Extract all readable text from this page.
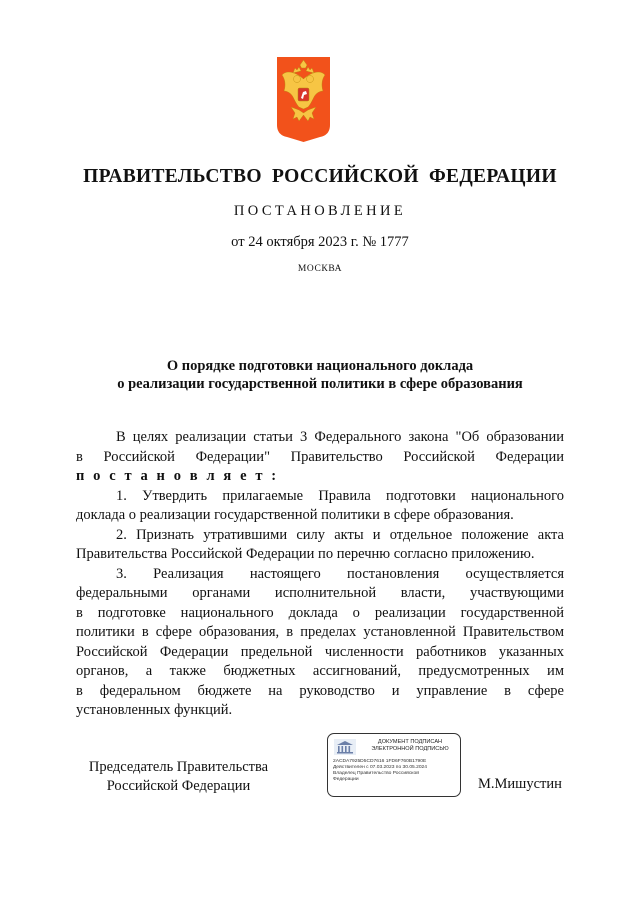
ПРАВИТЕЛЬСТВО РОССИЙСКОЙ ФЕДЕРАЦИИ
ПОСТАНОВЛЕНИЕ
от 24 октября 2023 г. № 1777
МОСКВА
О порядке подготовки национального доклада
о реализации государственной политики в сфере образования

В целях реализации статьи 3 Федерального закона "Об образовании
в Российской Федерации" Правительство Российской Федерации
п о с т а н о в л я е т :

1. Утвердить прилагаемые Правила подготовки национального
доклада о реализации государственной политики в сфере образования.

2. Признать утратившими силу акты и отдельное положение акта
Правительства Российской Федерации по перечню согласно приложению.

3. Реализация настоящего постановления осуществляется
федеральными органами исполнительной власти, участвующими
в подготовке национального доклада о реализации государственной
политики в сфере образования, в пределах установленной Правительством
Российской Федерации предельной численности работников указанных
органов, а также бюджетных ассигнований, предусмотренных им
в федеральном бюджете на руководство и управление в сфере
установленных функций.

Председатель Правительства
Российской Федерации
ДОКУМЕНТ ПОДПИСАН
ЭЛЕКТРОННОЙ ПОДПИСЬЮ
2ACDA7925D5CD7616 1FD6F760B1790E
Действителен с 07.03.2023 по 30.05.2024
Владелец Правительство Российской
Федерации	М.Мишустин
